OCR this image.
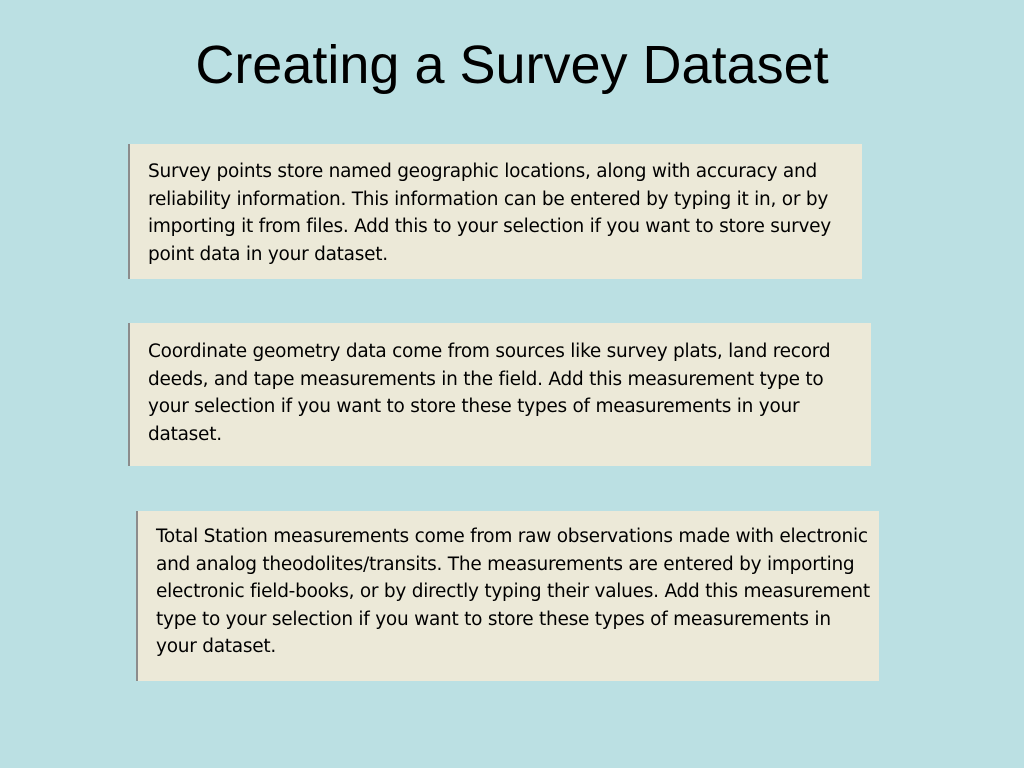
Creating a Survey Dataset

Survey points store named geographic locations, along with accuracy and reliability information. This information can be entered by typing it in, or by importing it from files. Add this to your selection if you want to store survey point data in your dataset.

Coordinate geometry data come from sources like survey plats, land record deeds, and tape measurements in the field. Add this measurement type to your selection if you want to store these types of measurements in your dataset.

Total Station measurements come from raw observations made with electronic and analog theodolites/transits. The measurements are entered by importing electronic field-books, or by directly typing their values. Add this measurement type to your selection if you want to store these types of measurements in your dataset.
